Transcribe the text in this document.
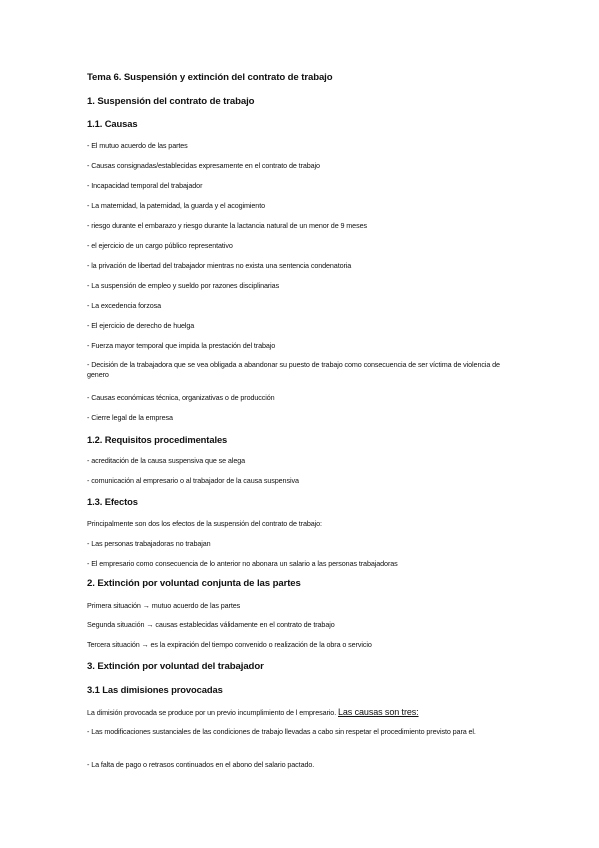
Tema 6. Suspensión y extinción del contrato de trabajo
1. Suspensión del contrato de trabajo
1.1. Causas
- El mutuo acuerdo de las partes
- Causas consignadas/establecidas expresamente en el contrato de trabajo
- Incapacidad temporal del trabajador
- La maternidad, la paternidad, la guarda y el acogimiento
- riesgo durante el embarazo y riesgo durante la lactancia natural de un menor de 9 meses
- el ejercicio de un cargo público representativo
- la privación de libertad del trabajador mientras no exista una sentencia condenatoria
- La suspensión de empleo y sueldo por razones disciplinarias
- La excedencia forzosa
- El ejercicio de derecho de huelga
- Fuerza mayor temporal que impida la prestación del trabajo
- Decisión de la trabajadora que se vea obligada a abandonar su puesto de trabajo como consecuencia de ser víctima de violencia de genero
- Causas económicas técnica, organizativas o de producción
- Cierre legal de la empresa
1.2. Requisitos procedimentales
- acreditación de la causa suspensiva que se alega
- comunicación al empresario o al trabajador de la causa suspensiva
1.3. Efectos
Principalmente son dos los efectos de la suspensión del contrato de trabajo:
- Las personas trabajadoras no trabajan
- El empresario como consecuencia de lo anterior no abonara un salario a las personas trabajadoras
2. Extinción por voluntad conjunta de las partes
Primera situación → mutuo acuerdo de las partes
Segunda situación → causas establecidas válidamente en el contrato de trabajo
Tercera situación → es la expiración del tiempo convenido o realización de la obra o servicio
3. Extinción por voluntad del trabajador
3.1 Las dimisiones provocadas
La dimisión provocada se produce por un previo incumplimiento de l empresario. Las causas son tres:
- Las modificaciones sustanciales de las condiciones de trabajo llevadas a cabo sin respetar el procedimiento previsto para el.
- La falta de pago o retrasos continuados en el abono del salario pactado.
